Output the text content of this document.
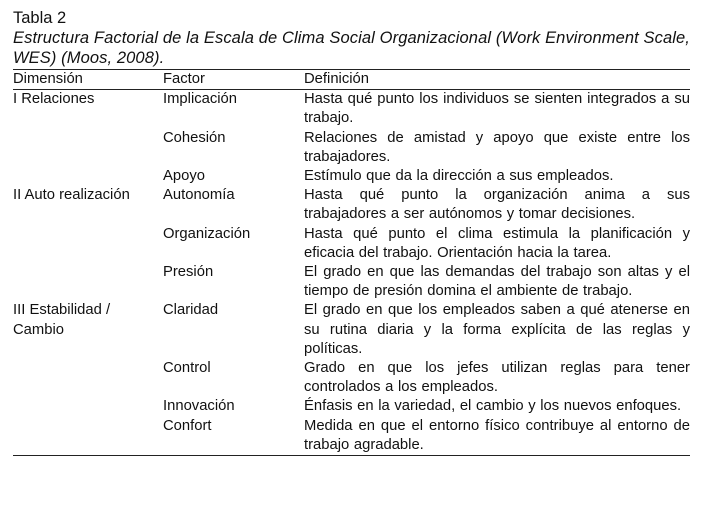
Tabla 2

Estructura Factorial de la Escala de Clima Social Organizacional (Work Environment Scale, WES) (Moos, 2008).

Dimensión	Factor	Definición
I Relaciones	Implicación	Hasta qué punto los individuos se sienten integrados a su trabajo.
	Cohesión	Relaciones de amistad y apoyo que existe entre los trabajadores.
	Apoyo	Estímulo que da la dirección a sus empleados.
II Auto realización	Autonomía	Hasta qué punto la organización anima a sus trabajadores a ser autónomos y tomar decisiones.
	Organización	Hasta qué punto el clima estimula la planificación y eficacia del trabajo. Orientación hacia la tarea.
	Presión	El grado en que las demandas del trabajo son altas y el tiempo de presión domina el ambiente de trabajo.
III Estabilidad / Cambio	Claridad	El grado en que los empleados saben a qué atenerse en su rutina diaria y la forma explícita de las reglas y políticas.
	Control	Grado en que los jefes utilizan reglas para tener controlados a los empleados.
	Innovación	Énfasis en la variedad, el cambio y los nuevos enfoques.
	Confort	Medida en que el entorno físico contribuye al entorno de trabajo agradable.
